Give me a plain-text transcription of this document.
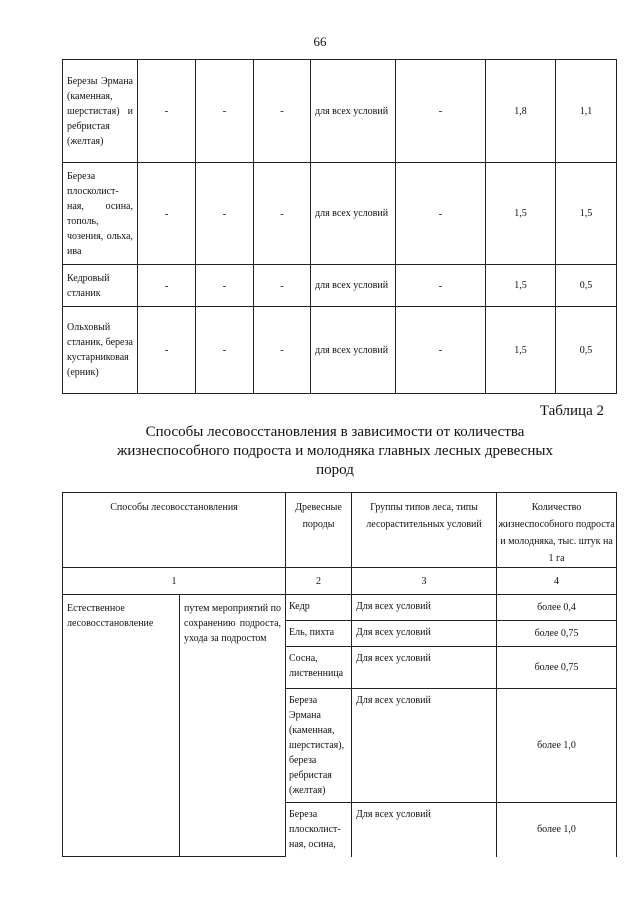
66
Березы Эрмана (каменная, шерстистая) и ребристая (желтая)	-	-	-	для всех условий	-	1,8	1,1
Береза плосколист-ная, осина, тополь, чозения, ольха, ива	-	-	-	для всех условий	-	1,5	1,5
Кедровый стланик	-	-	-	для всех условий	-	1,5	0,5
Ольховый стланик, береза кустарниковая (ерник)	-	-	-	для всех условий	-	1,5	0,5
Таблица 2
Способы лесовосстановления в зависимости от количества жизнеспособного подроста и молодняка главных лесных древесных пород
Способы лесовосстановления		Древесные породы	Группы типов леса, типы лесорастительных условий	Количество жизнеспособного подроста и молодняка, тыс. штук на 1 га
1		2	3	4
Естественное лесовосстановление	путем мероприятий по сохранению подроста, ухода за подростом	Кедр	Для всех условий	более 0,4
		Ель, пихта	Для всех условий	более 0,75
		Сосна, лиственница	Для всех условий	более 0,75
		Береза Эрмана (каменная, шерстистая), береза ребристая (желтая)	Для всех условий	более 1,0
		Береза плосколист-ная, осина,	Для всех условий	более 1,0
